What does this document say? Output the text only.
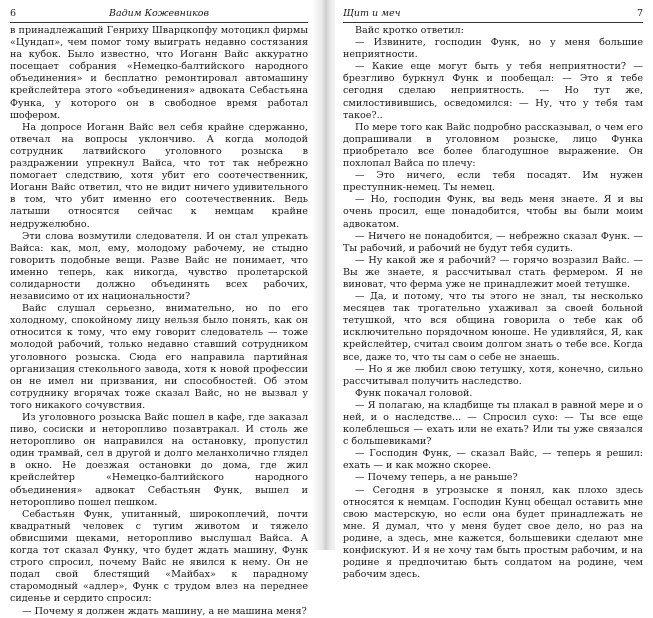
6	Вадим Кожевников

в принадлежащий Генриху Шварцкопфу мотоцикл фирмы «Цундап», чем помог тому выиграть недавно состязания на кубок. Было известно, что Иоганн Вайс аккуратно посещает собрания «Немецко-балтийского народного объединения» и бесплатно ремонтировал автомашину крейслейтера этого «объединения» адвоката Себастьяна Функа, у которого он в свободное время работал шофером.

На допросе Иоганн Вайс вел себя крайне сдержанно, отвечал на вопросы уклончиво. А когда молодой сотрудник латвийского уголовного розыска в раздражении упрекнул Вайса, что тот так небрежно помогает следствию, хотя убит его соотечественник, Иоганн Вайс ответил, что не видит ничего удивительного в том, что убит именно его соотечественник. Ведь латыши относятся сейчас к немцам крайне недружелюбно.

Эти слова возмутили следователя. И он стал упрекать Вайса: как, мол, ему, молодому рабочему, не стыдно говорить подобные вещи. Разве Вайс не понимает, что именно теперь, как никогда, чувство пролетарской солидарности должно объединять всех рабочих, независимо от их национальности?

Вайс слушал серьезно, внимательно, но по его холодному, спокойному лицу нельзя было понять, как он относится к тому, что ему говорит следователь — тоже молодой рабочий, только недавно ставший сотрудником уголовного розыска. Сюда его направила партийная организация стекольного завода, хотя к новой профессии он не имел ни призвания, ни способностей. Об этом сотруднику вгорячах тоже сказал Вайс, но не вызвал у того никакого сочувствия.

Из уголовного розыска Вайс пошел в кафе, где заказал пиво, сосиски и неторопливо позавтракал. И столь же неторопливо он направился на остановку, пропустил один трамвай, сел в другой и долго меланхолично глядел в окно. Не доезжая остановки до дома, где жил крейслейтер «Немецко-балтийского народного объединения» адвокат Себастьян Функ, вышел и неторопливо пошел пешком.

Себастьян Функ, упитанный, широкоплечий, почти квадратный человек с тугим животом и тяжело обвисшими щеками, неторопливо выслушал Вайса. А когда тот сказал Функу, что будет ждать машину, Функ строго спросил, почему Вайс не явился к нему. Он не подал свой блестящий «Майбах» к парадному старомодный «адлер», Функ с трудом влез на переднее сиденье и сердито спросил:

— Почему я должен ждать машину, а не машина меня?

Щит и меч	7

Вайс кротко ответил:

— Извините, господин Функ, но у меня большие неприятности.

— Какие еще могут быть у тебя неприятности? — брезгливо буркнул Функ и пообещал: — Это я тебе сегодня сделаю неприятность. — Но тут же, смилостивившись, осведомился: — Ну, что у тебя там такое?..

По мере того как Вайс подробно рассказывал, о чем его допрашивали в уголовном розыске, лицо Функа приобретало все более благодушное выражение. Он похлопал Вайса по плечу:

— Это ничего, если тебя посадят. Им нужен преступник-немец. Ты немец.

— Но, господин Функ, вы ведь меня знаете. Я и вы очень просил, еще понадобится, чтобы вы были моим адвокатом.

— Ничего не понадобится, — небрежно сказал Функ. — Ты рабочий, и рабочий не будут тебя судить.

— Ну какой же я рабочий? — горячо возразил Вайс. — Вы же знаете, я рассчитывал стать фермером. Я не виноват, что ферма уже не принадлежит моей тетушке.

— Да, и потому, что ты этого не знал, ты несколько месяцев так трогательно ухаживал за своей больной тетушкой, что вся община говорила о тебе как об исключительно порядочном юноше. Не удивляйся, Я, как крейслейтер, считал своим долгом знать о тебе все. Когда все, даже то, что ты сам о себе не знаешь.

— Но я же любил свою тетушку, хотя, конечно, сильно рассчитывал получить наследство.

Функ покачал головой.

— Я полагаю, на кладбище ты плакал в равной мере и о ней, и о наследстве... — Спросил сухо: — Ты все еще колеблешься — ехать или не ехать? Или ты уже связался с большевиками?

— Господин Функ, — сказал Вайс, — теперь я решил: ехать — и как можно скорее.

— Почему теперь, а не раньше?

— Сегодня в угрозыске я понял, как плохо здесь относятся к немцам. Господин Кунц обещал оставить мне свою мастерскую, но если она будет принадлежать не мне. Я думал, что у меня будет свое дело, но раз на родине, а здесь, мне кажется, большевики сделают мне конфискуют. И я не хочу там быть простым рабочим, и на родине я предпочитаю быть солдатом на родине, чем рабочим здесь.
